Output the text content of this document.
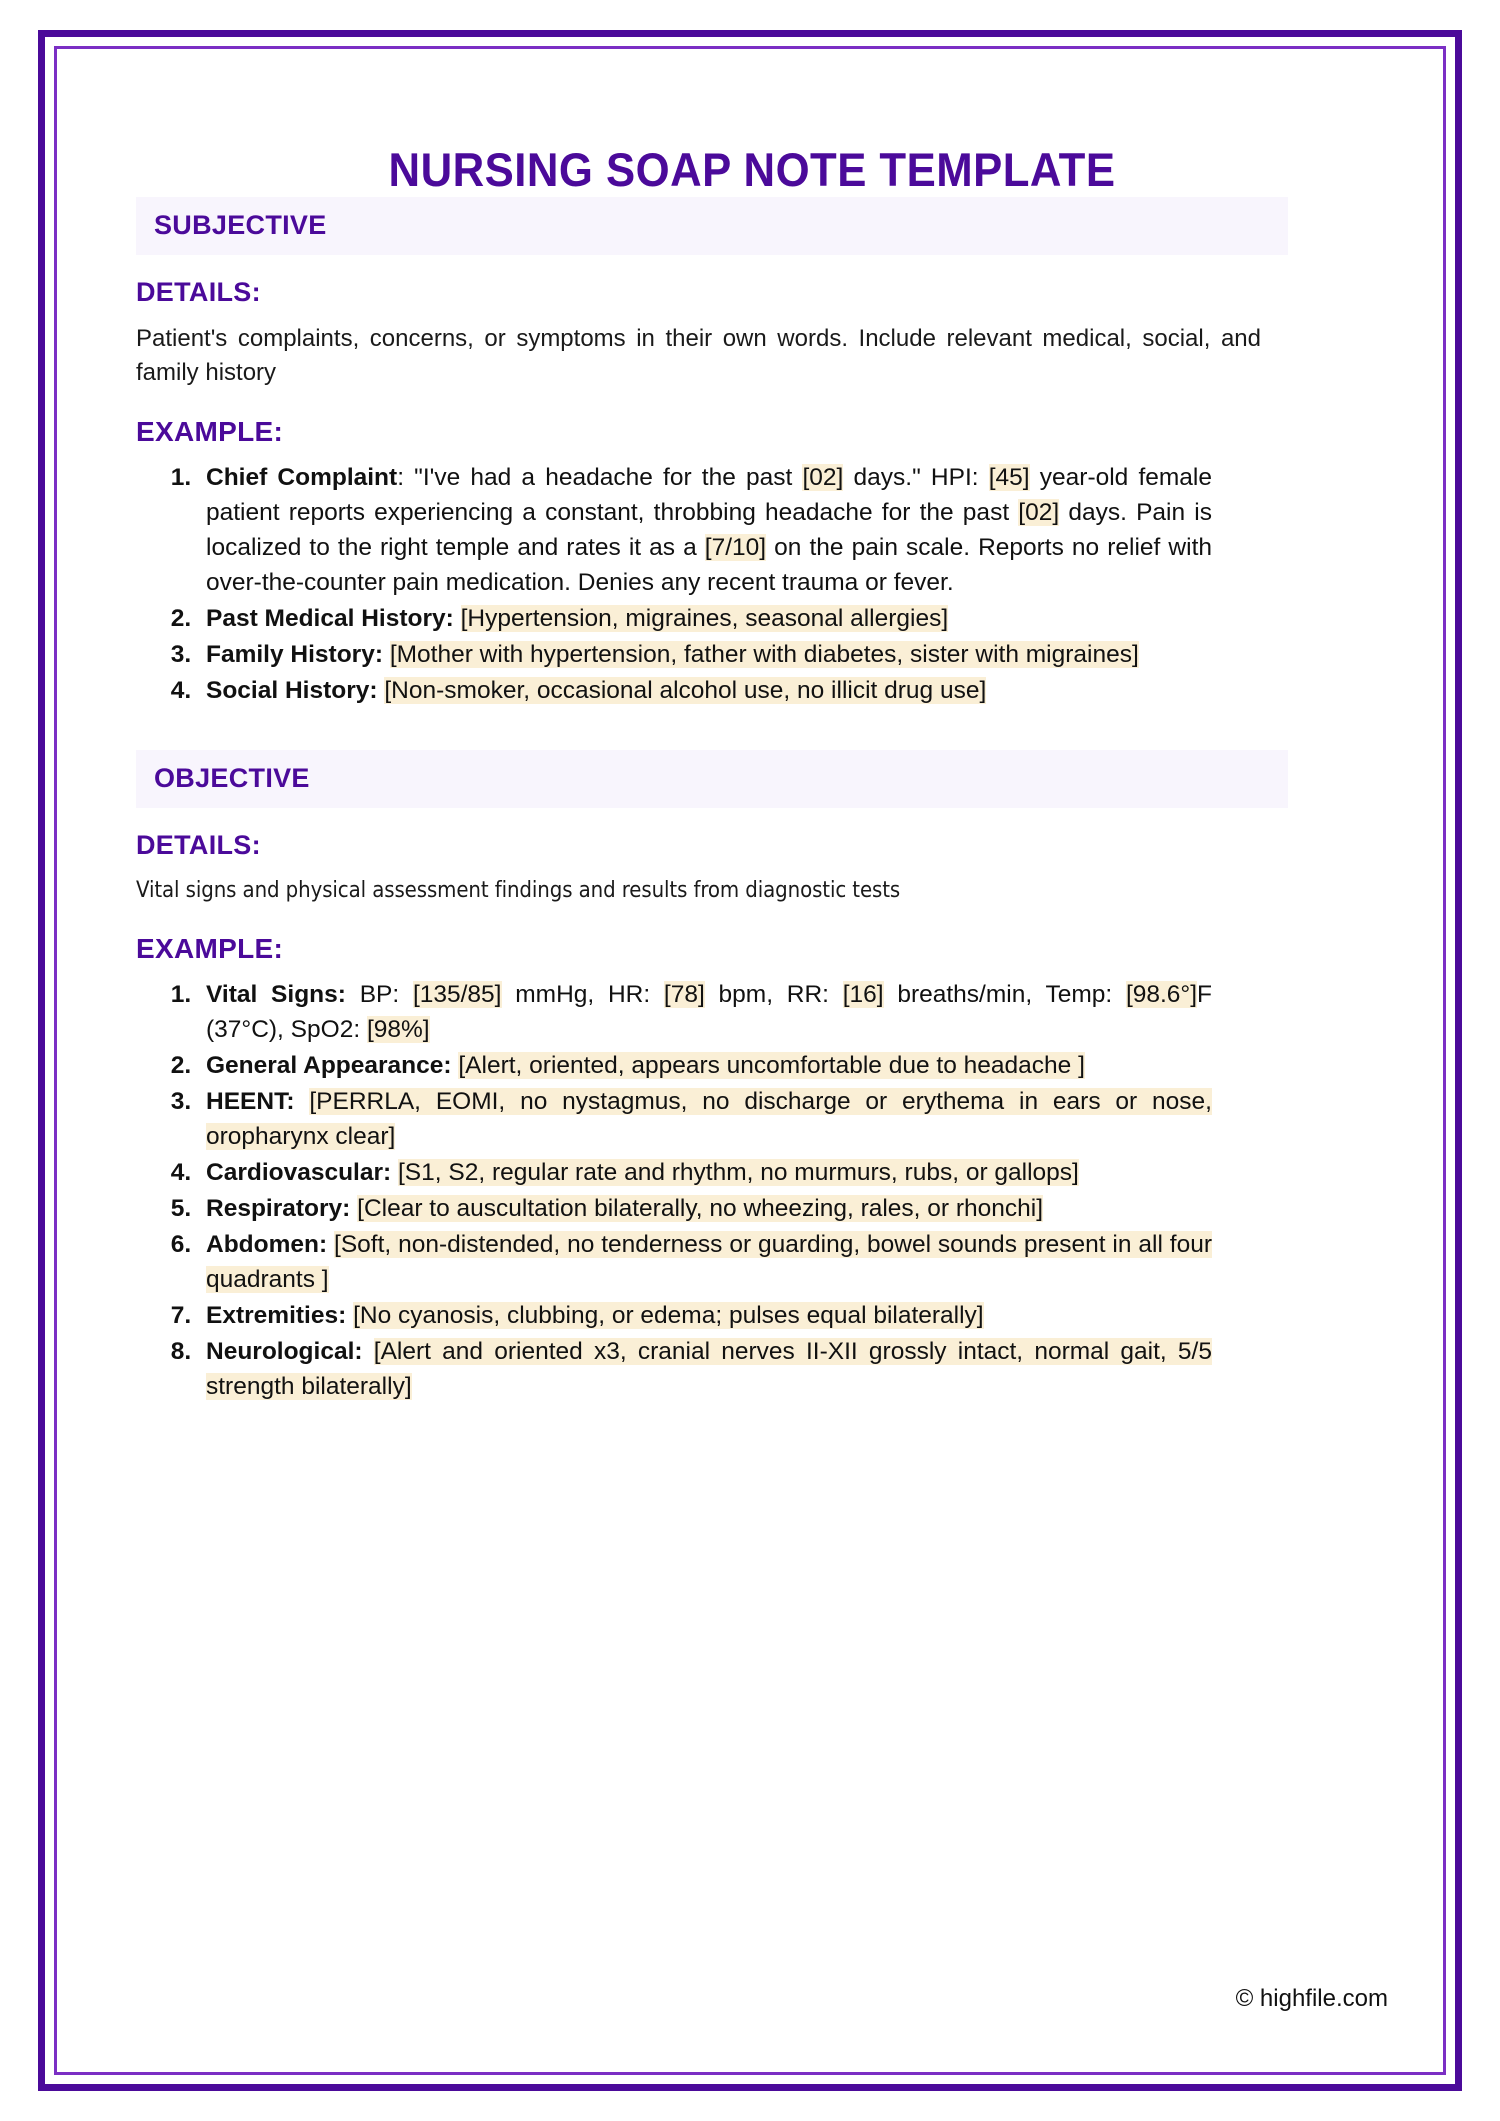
NURSING SOAP NOTE TEMPLATE
SUBJECTIVE
DETAILS:

Patient's complaints, concerns, or symptoms in their own words. Include relevant medical, social, and family history

EXAMPLE:
1. Chief Complaint: "I've had a headache for the past [02] days." HPI: [45] year-old female patient reports experiencing a constant, throbbing headache for the past [02] days. Pain is localized to the right temple and rates it as a [7/10] on the pain scale. Reports no relief with over-the-counter pain medication. Denies any recent trauma or fever.
2. Past Medical History: [Hypertension, migraines, seasonal allergies]
3. Family History: [Mother with hypertension, father with diabetes, sister with migraines]
4. Social History: [Non-smoker, occasional alcohol use, no illicit drug use]
OBJECTIVE
DETAILS:

Vital signs and physical assessment findings and results from diagnostic tests

EXAMPLE:
1. Vital Signs: BP: [135/85] mmHg, HR: [78] bpm, RR: [16] breaths/min, Temp: [98.6°]F (37°C), SpO2: [98%]
2. General Appearance: [Alert, oriented, appears uncomfortable due to headache ]
3. HEENT: [PERRLA, EOMI, no nystagmus, no discharge or erythema in ears or nose, oropharynx clear]
4. Cardiovascular: [S1, S2, regular rate and rhythm, no murmurs, rubs, or gallops]
5. Respiratory: [Clear to auscultation bilaterally, no wheezing, rales, or rhonchi]
6. Abdomen: [Soft, non-distended, no tenderness or guarding, bowel sounds present in all four quadrants ]
7. Extremities: [No cyanosis, clubbing, or edema; pulses equal bilaterally]
8. Neurological: [Alert and oriented x3, cranial nerves II-XII grossly intact, normal gait, 5/5 strength bilaterally]
© highfile.com
